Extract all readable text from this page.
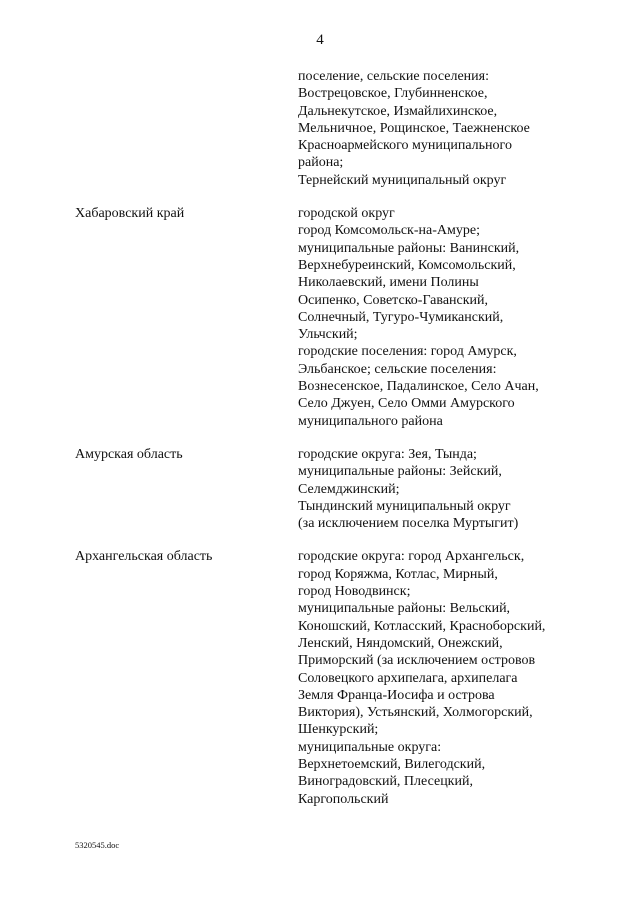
4
поселение, сельские поселения:
Вострецовское, Глубинненское,
Дальнекутское, Измайлихинское,
Мельничное, Рощинское, Таежненское
Красноармейского муниципального
района;
Тернейский муниципальный округ
Хабаровский край	городской округ
город Комсомольск-на-Амуре;
муниципальные районы: Ванинский,
Верхнебуреинский, Комсомольский,
Николаевский, имени Полины
Осипенко, Советско-Гаванский,
Солнечный, Тугуро-Чумиканский,
Ульчский;
городские поселения: город Амурск,
Эльбанское; сельские поселения:
Вознесенское, Падалинское, Село Ачан,
Село Джуен, Село Омми Амурского
муниципального района
Амурская область	городские округа: Зея, Тында;
муниципальные районы: Зейский,
Селемджинский;
Тындинский муниципальный округ
(за исключением поселка Муртыгит)
Архангельская область	городские округа: город Архангельск,
город Коряжма, Котлас, Мирный,
город Новодвинск;
муниципальные районы: Вельский,
Коношский, Котласский, Красноборский,
Ленский, Няндомский, Онежский,
Приморский (за исключением островов
Соловецкого архипелага, архипелага
Земля Франца-Иосифа и острова
Виктория), Устьянский, Холмогорский,
Шенкурский;
муниципальные округа:
Верхнетоемский, Вилегодский,
Виноградовский, Плесецкий,
Каргопольский
5320545.doc
